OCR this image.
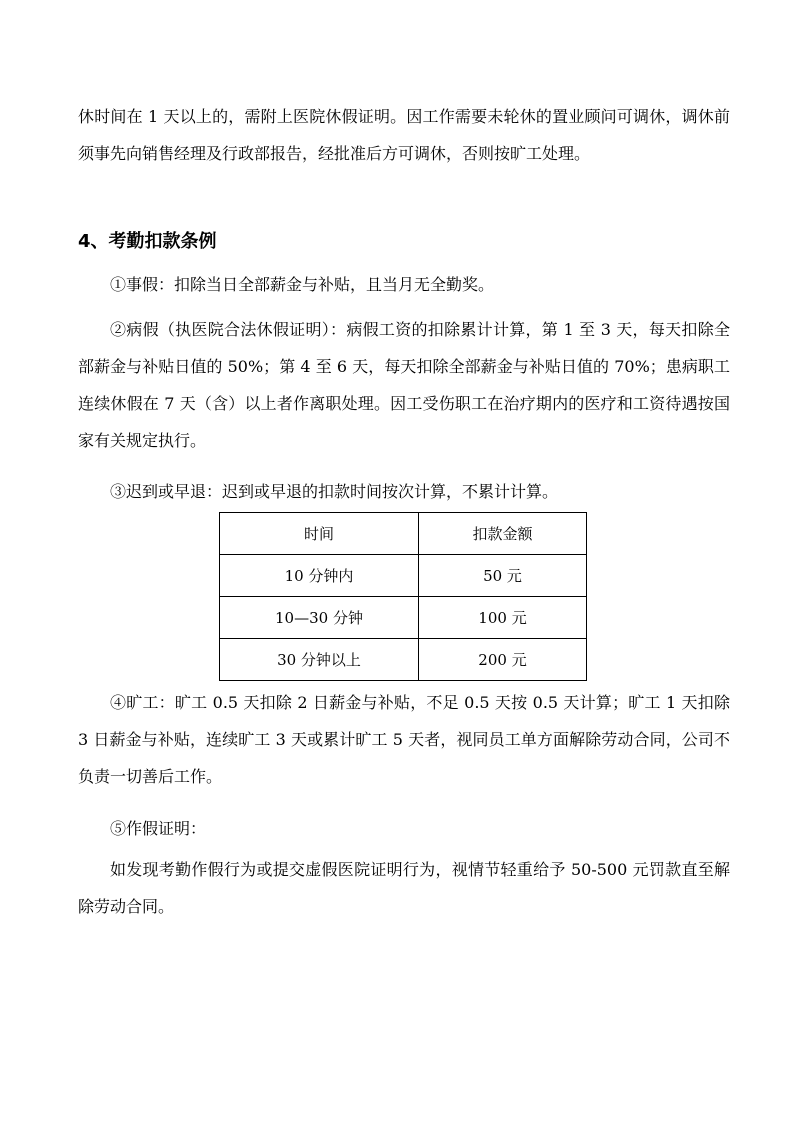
休时间在 1 天以上的，需附上医院休假证明。因工作需要未轮休的置业顾问可调休，调休前须事先向销售经理及行政部报告，经批准后方可调休，否则按旷工处理。

4、考勤扣款条例

①事假：扣除当日全部薪金与补贴，且当月无全勤奖。

②病假（执医院合法休假证明）：病假工资的扣除累计计算，第 1 至 3 天，每天扣除全部薪金与补贴日值的 50%；第 4 至 6 天，每天扣除全部薪金与补贴日值的 70%；患病职工连续休假在 7 天（含）以上者作离职处理。因工受伤职工在治疗期内的医疗和工资待遇按国家有关规定执行。

③迟到或早退：迟到或早退的扣款时间按次计算，不累计计算。

时间	扣款金额
10 分钟内	50 元
10—30 分钟	100 元
30 分钟以上	200 元

④旷工：旷工 0.5 天扣除 2 日薪金与补贴，不足 0.5 天按 0.5 天计算；旷工 1 天扣除 3 日薪金与补贴，连续旷工 3 天或累计旷工 5 天者，视同员工单方面解除劳动合同，公司不负责一切善后工作。

⑤作假证明：

如发现考勤作假行为或提交虚假医院证明行为，视情节轻重给予 50-500 元罚款直至解除劳动合同。
